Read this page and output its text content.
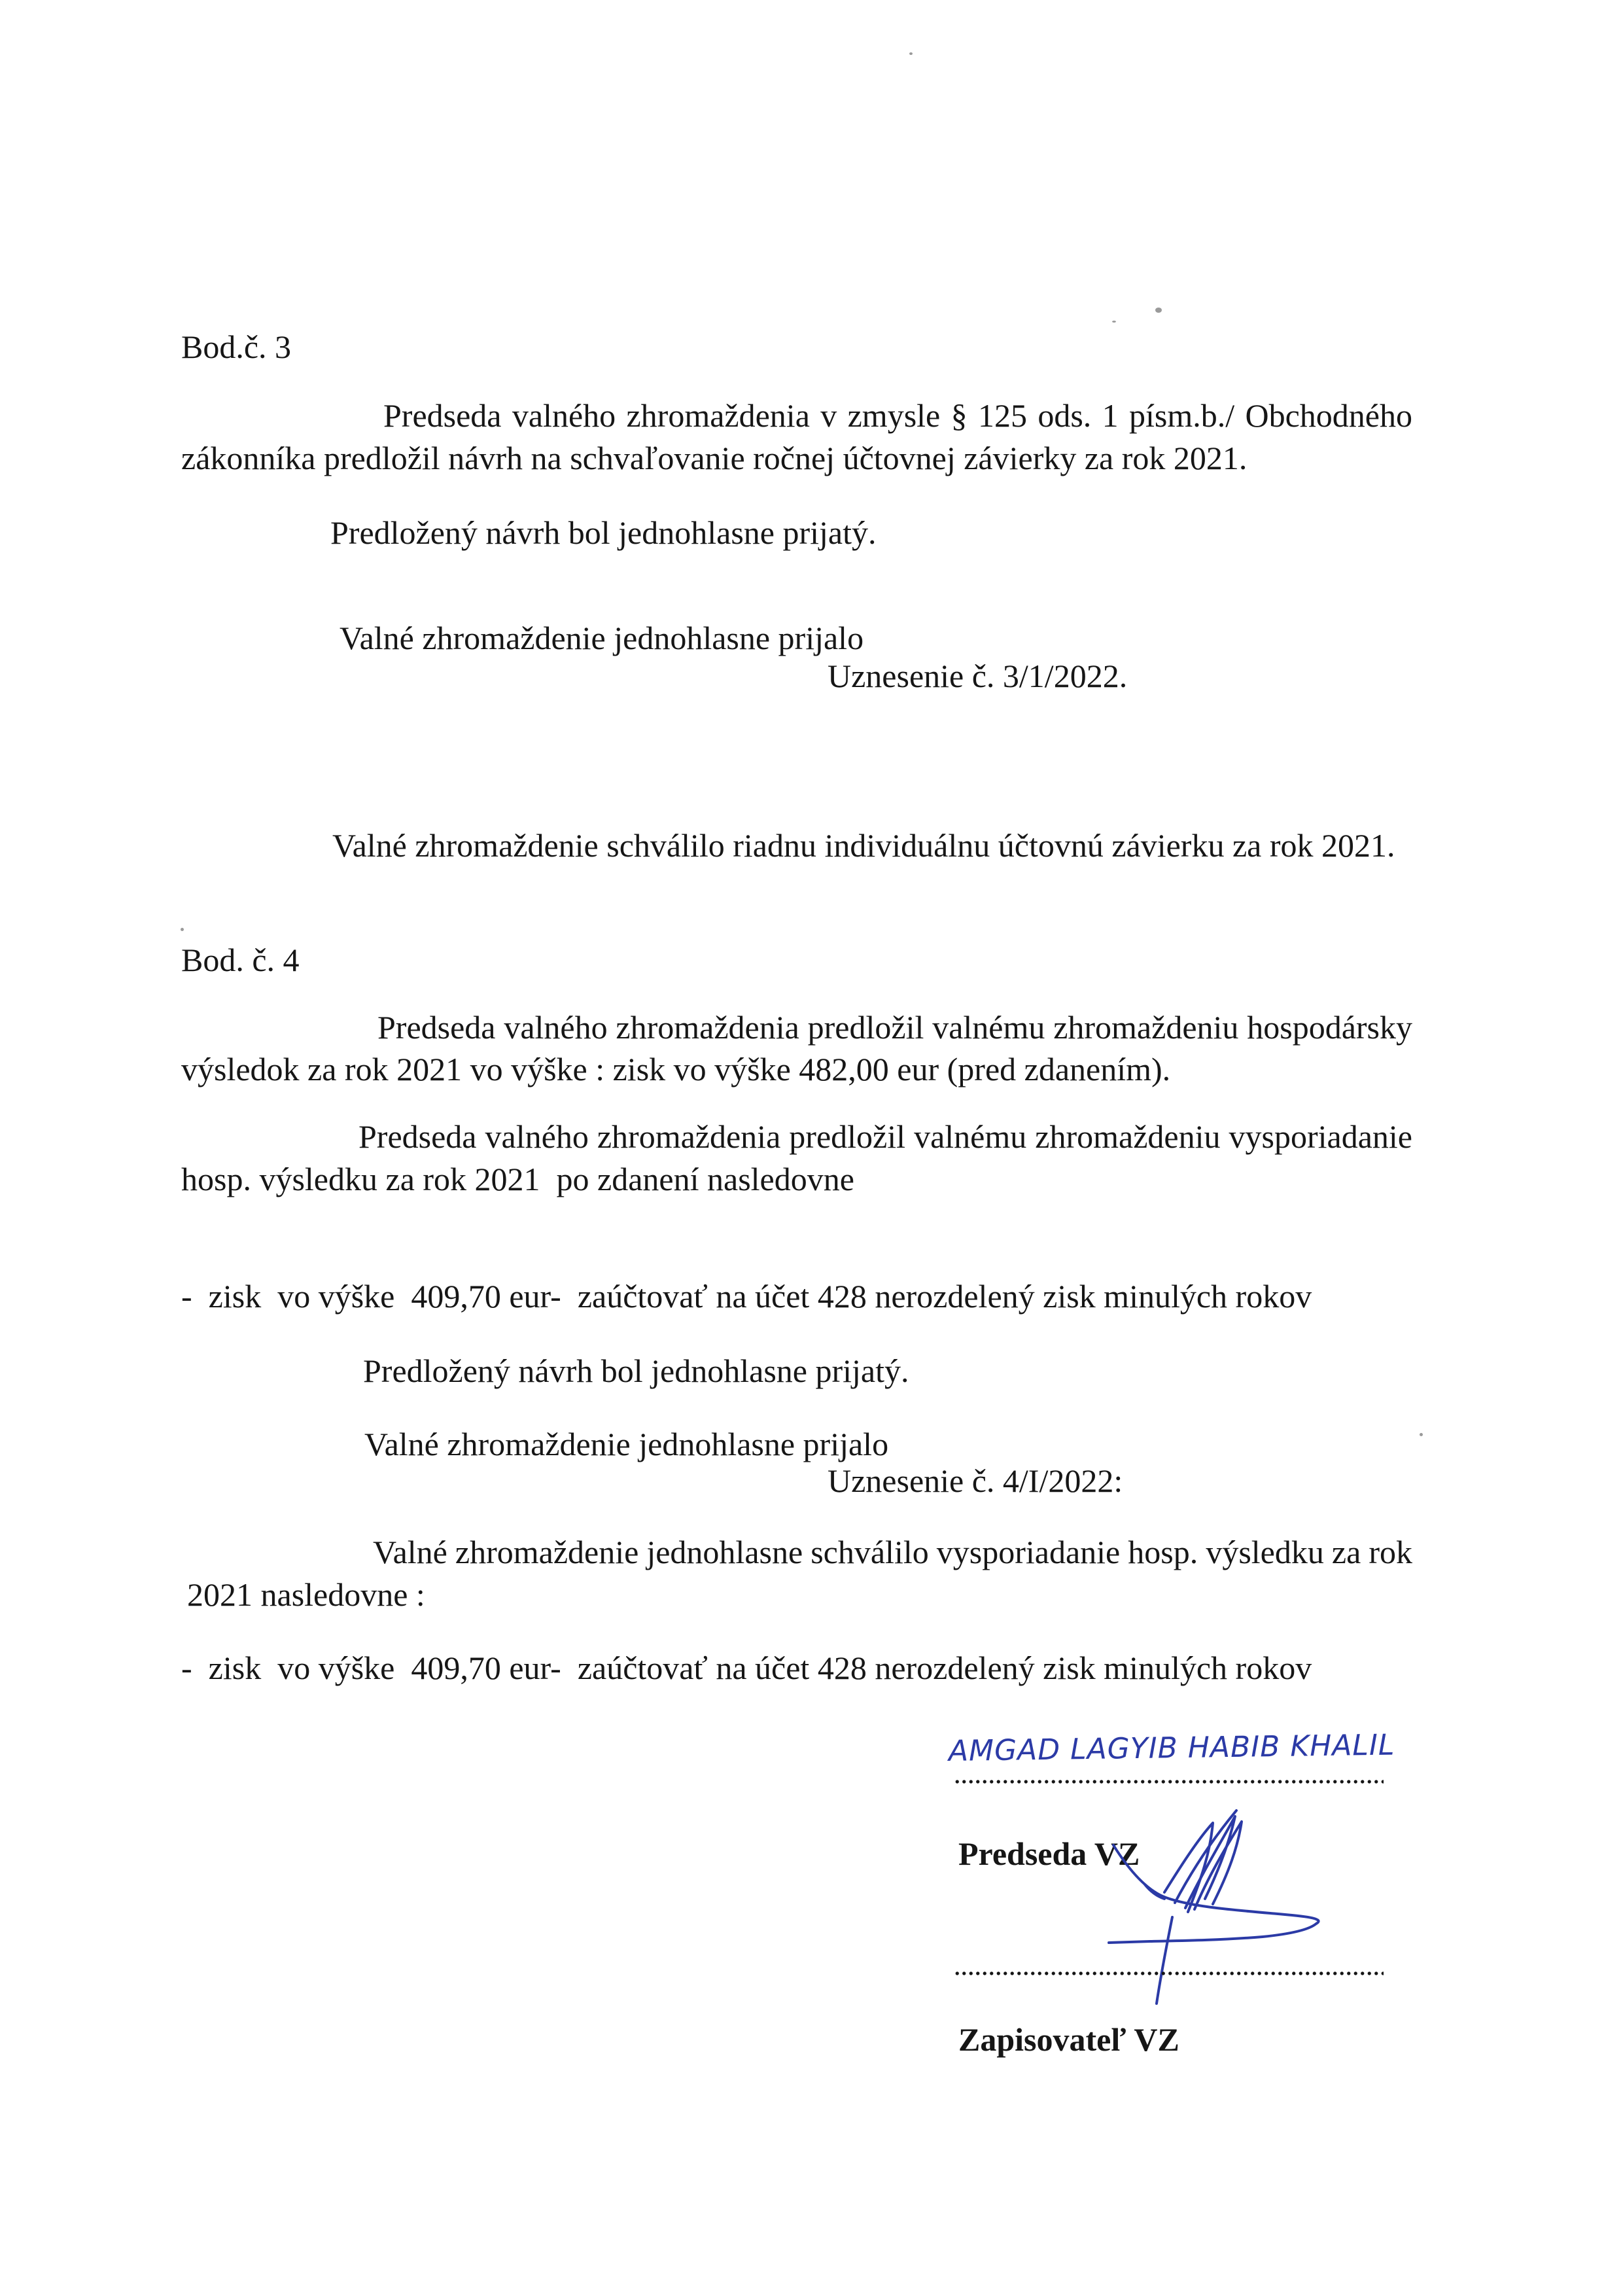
Bod.č. 3
Predseda valného zhromaždenia v zmysle § 125 ods. 1 písm.b./ Obchodného
zákonníka predložil návrh na schvaľovanie ročnej účtovnej závierky za rok 2021.
Predložený návrh bol jednohlasne prijatý.
Valné zhromaždenie jednohlasne prijalo
Uznesenie č. 3/1/2022.
Valné zhromaždenie schválilo riadnu individuálnu účtovnú závierku za rok 2021.
Bod. č. 4
Predseda valného zhromaždenia predložil valnému zhromaždeniu hospodársky
výsledok za rok 2021 vo výške : zisk vo výške 482,00 eur (pred zdanením).
Predseda valného zhromaždenia predložil valnému zhromaždeniu vysporiadanie
hosp. výsledku za rok 2021  po zdanení nasledovne
-  zisk  vo výške  409,70 eur-  zaúčtovať na účet 428 nerozdelený zisk minulých rokov
Predložený návrh bol jednohlasne prijatý.
Valné zhromaždenie jednohlasne prijalo
Uznesenie č. 4/I/2022:
Valné zhromaždenie jednohlasne schválilo vysporiadanie hosp. výsledku za rok
2021 nasledovne :
-  zisk  vo výške  409,70 eur-  zaúčtovať na účet 428 nerozdelený zisk minulých rokov
AMGAD LAGYIB HABIB KHALIL
Predseda VZ
Zapisovateľ VZ
